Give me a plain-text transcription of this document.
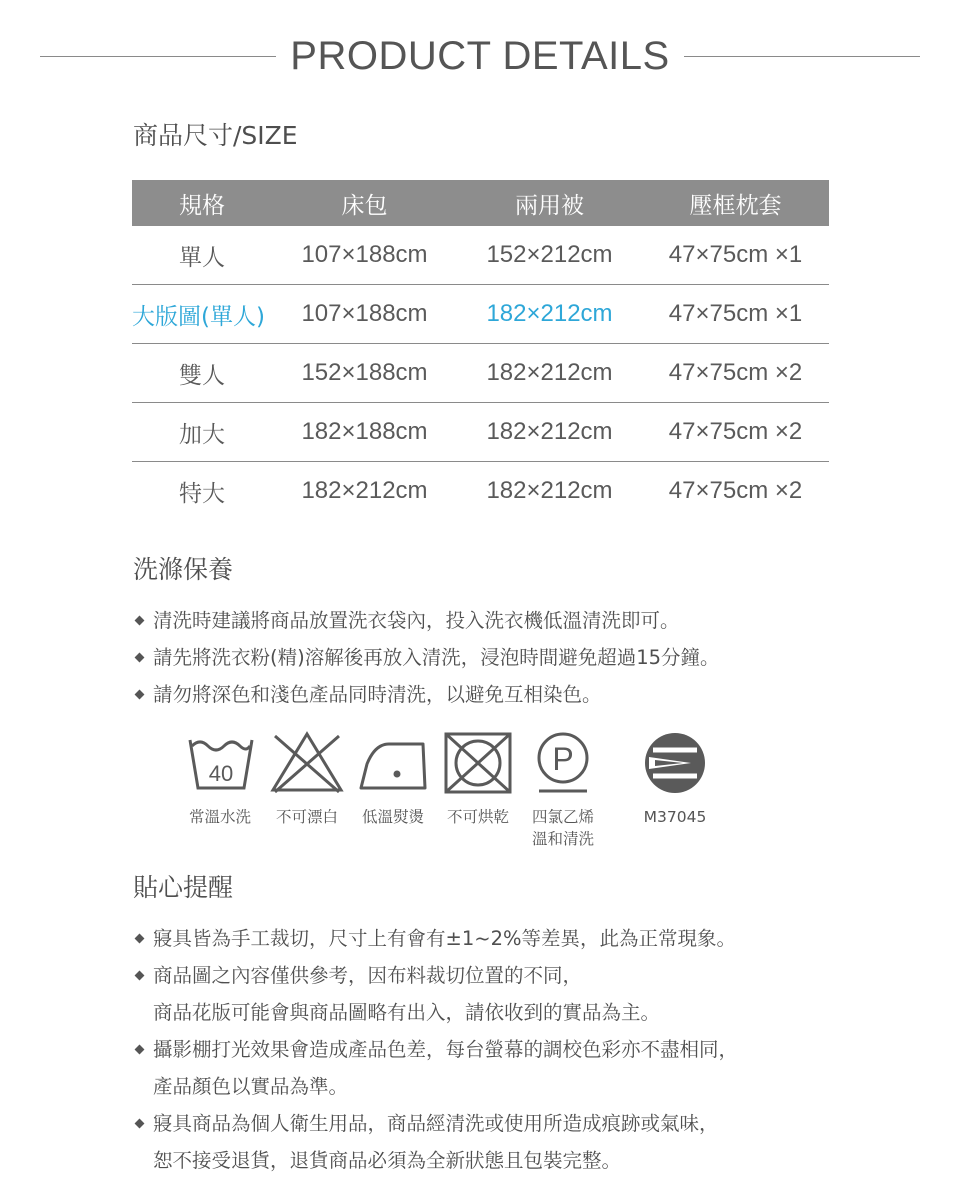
PRODUCT DETAILS
商品尺寸/SIZE
規格	床包	兩用被	壓框枕套
單人	107×188cm	152×212cm	47×75cm ×1
大版圖(單人)	107×188cm	182×212cm	47×75cm ×1
雙人	152×188cm	182×212cm	47×75cm ×2
加大	182×188cm	182×212cm	47×75cm ×2
特大	182×212cm	182×212cm	47×75cm ×2
洗滌保養
清洗時建議將商品放置洗衣袋內，投入洗衣機低溫清洗即可。
請先將洗衣粉(精)溶解後再放入清洗，浸泡時間避免超過15分鐘。
請勿將深色和淺色產品同時清洗，以避免互相染色。
40
常溫水洗	不可漂白	低溫熨燙	不可烘乾
P
四氯乙烯
溫和清洗
M37045
貼心提醒
寢具皆為手工裁切，尺寸上有會有±1~2%等差異，此為正常現象。
商品圖之內容僅供參考，因布料裁切位置的不同，
商品花版可能會與商品圖略有出入，請依收到的實品為主。
攝影棚打光效果會造成產品色差，每台螢幕的調校色彩亦不盡相同，
產品顏色以實品為準。
寢具商品為個人衛生用品，商品經清洗或使用所造成痕跡或氣味，
恕不接受退貨，退貨商品必須為全新狀態且包裝完整。
